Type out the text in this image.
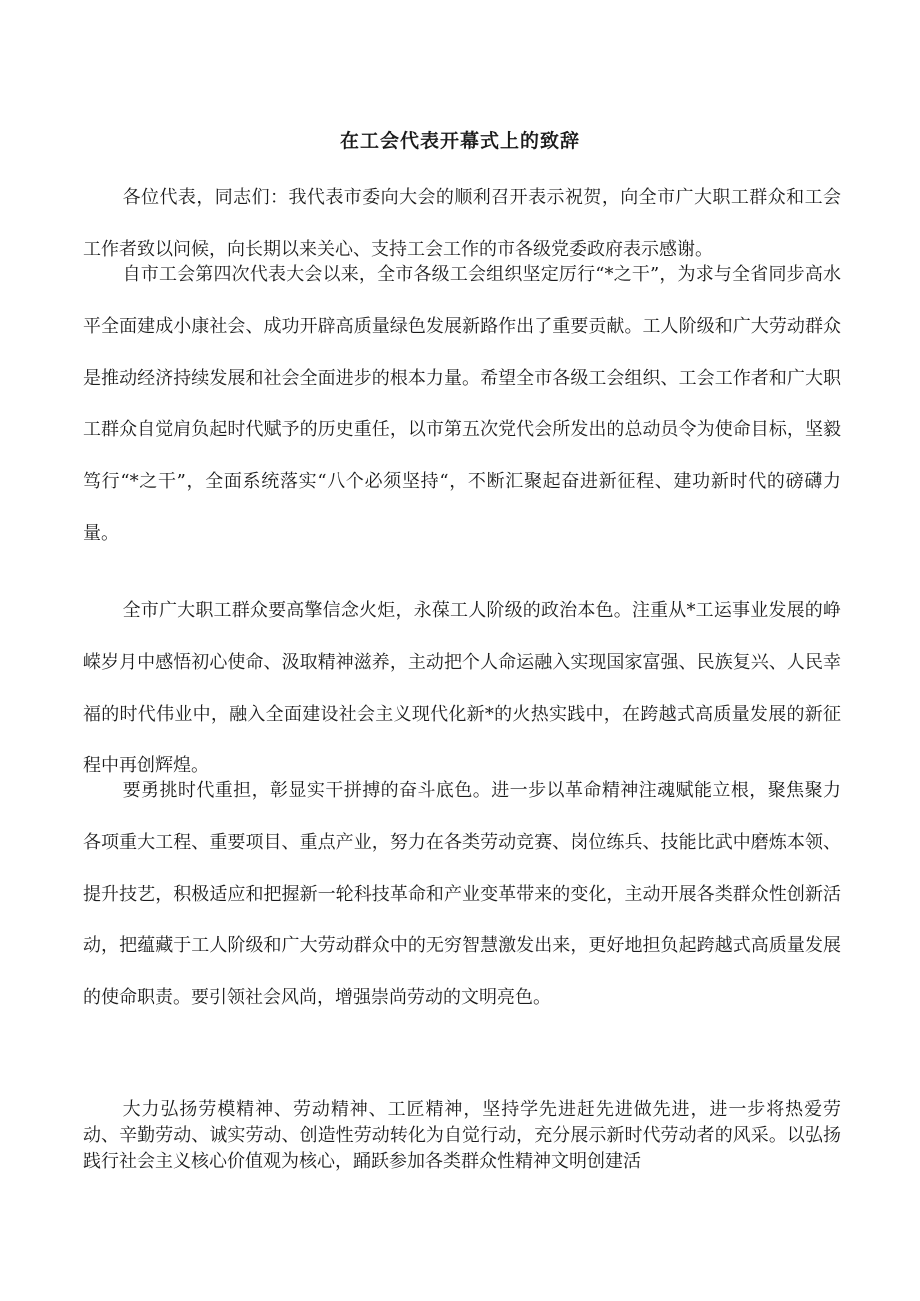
在工会代表开幕式上的致辞

各位代表，同志们：我代表市委向大会的顺利召开表示祝贺，向全市广大职工群众和工会工作者致以问候，向长期以来关心、支持工会工作的市各级党委政府表示感谢。

自市工会第四次代表大会以来，全市各级工会组织坚定厉行“*之干”，为求与全省同步高水平全面建成小康社会、成功开辟高质量绿色发展新路作出了重要贡献。工人阶级和广大劳动群众是推动经济持续发展和社会全面进步的根本力量。希望全市各级工会组织、工会工作者和广大职工群众自觉肩负起时代赋予的历史重任，以市第五次党代会所发出的总动员令为使命目标，坚毅笃行“*之干”，全面系统落实“八个必须坚持“，不断汇聚起奋进新征程、建功新时代的磅礴力量。

全市广大职工群众要高擎信念火炬，永葆工人阶级的政治本色。注重从*工运事业发展的峥嵘岁月中感悟初心使命、汲取精神滋养，主动把个人命运融入实现国家富强、民族复兴、人民幸福的时代伟业中，融入全面建设社会主义现代化新*的火热实践中，在跨越式高质量发展的新征程中再创辉煌。

要勇挑时代重担，彰显实干拼搏的奋斗底色。进一步以革命精神注魂赋能立根，聚焦聚力各项重大工程、重要项目、重点产业，努力在各类劳动竞赛、岗位练兵、技能比武中磨炼本领、提升技艺，积极适应和把握新一轮科技革命和产业变革带来的变化，主动开展各类群众性创新活动，把蕴藏于工人阶级和广大劳动群众中的无穷智慧激发出来，更好地担负起跨越式高质量发展的使命职责。要引领社会风尚，增强崇尚劳动的文明亮色。

大力弘扬劳模精神、劳动精神、工匠精神，坚持学先进赶先进做先进，进一步将热爱劳动、辛勤劳动、诚实劳动、创造性劳动转化为自觉行动，充分展示新时代劳动者的风采。以弘扬践行社会主义核心价值观为核心，踊跃参加各类群众性精神文明创建活
